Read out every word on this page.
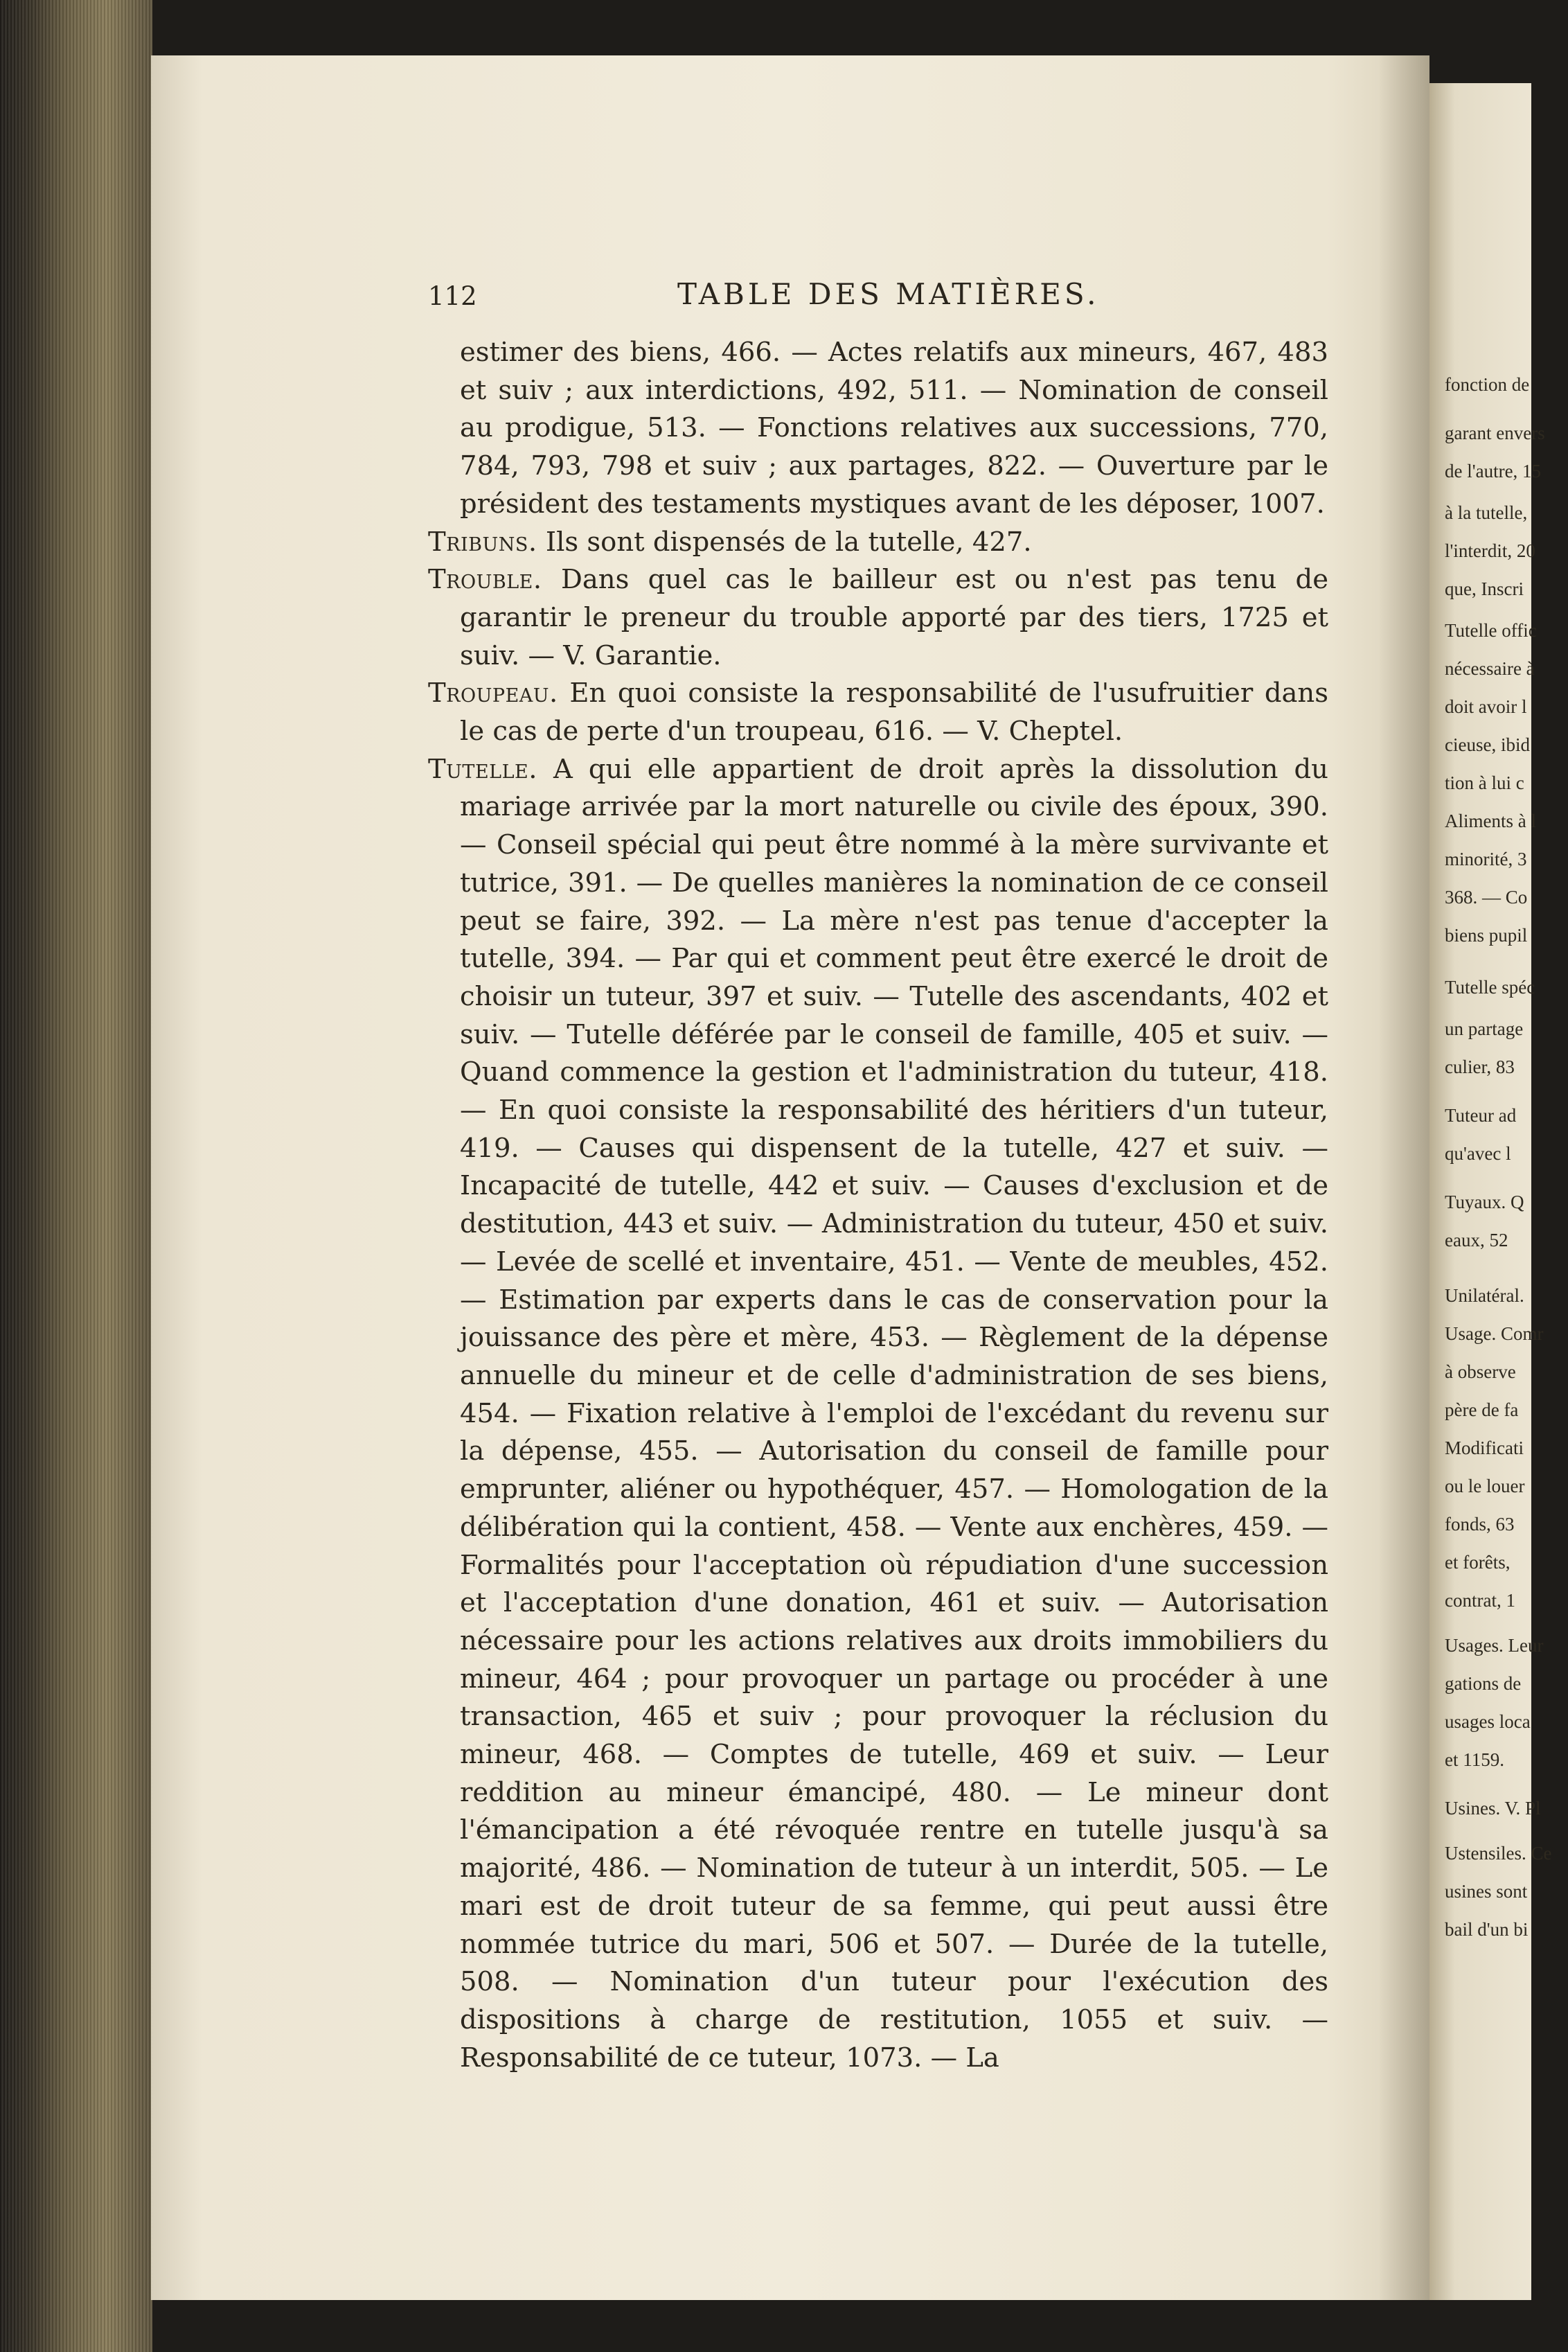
112	TABLE DES MATIÈRES.

estimer des biens, 466. — Actes relatifs aux mineurs, 467, 483 et suiv ; aux interdictions, 492, 511. — Nomination de conseil au prodigue, 513. — Fonctions relatives aux successions, 770, 784, 793, 798 et suiv ; aux partages, 822. — Ouverture par le président des testaments mystiques avant de les déposer, 1007.

Tribuns. Ils sont dispensés de la tutelle, 427.

Trouble. Dans quel cas le bailleur est ou n'est pas tenu de garantir le preneur du trouble apporté par des tiers, 1725 et suiv. — V. Garantie.

Troupeau. En quoi consiste la responsabilité de l'usufruitier dans le cas de perte d'un troupeau, 616. — V. Cheptel.

Tutelle. A qui elle appartient de droit après la dissolution du mariage arrivée par la mort naturelle ou civile des époux, 390. — Conseil spécial qui peut être nommé à la mère survivante et tutrice, 391. — De quelles manières la nomination de ce conseil peut se faire, 392. — La mère n'est pas tenue d'accepter la tutelle, 394. — Par qui et comment peut être exercé le droit de choisir un tuteur, 397 et suiv. — Tutelle des ascendants, 402 et suiv. — Tutelle déférée par le conseil de famille, 405 et suiv. — Quand commence la gestion et l'administration du tuteur, 418. — En quoi consiste la responsabilité des héritiers d'un tuteur, 419. — Causes qui dispensent de la tutelle, 427 et suiv. — Incapacité de tutelle, 442 et suiv. — Causes d'exclusion et de destitution, 443 et suiv. — Administration du tuteur, 450 et suiv. — Levée de scellé et inventaire, 451. — Vente de meubles, 452. — Estimation par experts dans le cas de conservation pour la jouissance des père et mère, 453. — Règlement de la dépense annuelle du mineur et de celle d'administration de ses biens, 454. — Fixation relative à l'emploi de l'excédant du revenu sur la dépense, 455. — Autorisation du conseil de famille pour emprunter, aliéner ou hypothéquer, 457. — Homologation de la délibération qui la contient, 458. — Vente aux enchères, 459. — Formalités pour l'acceptation où répudiation d'une succession et l'acceptation d'une donation, 461 et suiv. — Autorisation nécessaire pour les actions relatives aux droits immobiliers du mineur, 464 ; pour provoquer un partage ou procéder à une transaction, 465 et suiv ; pour provoquer la réclusion du mineur, 468. — Comptes de tutelle, 469 et suiv. — Leur reddition au mineur émancipé, 480. — Le mineur dont l'émancipation a été révoquée rentre en tutelle jusqu'à sa majorité, 486. — Nomination de tuteur à un interdit, 505. — Le mari est de droit tuteur de sa femme, qui peut aussi être nommée tutrice du mari, 506 et 507. — Durée de la tutelle, 508. — Nomination d'un tuteur pour l'exécution des dispositions à charge de restitution, 1055 et suiv. — Responsabilité de ce tuteur, 1073. — La

fonction de
garant envers
de l'autre, 15
à la tutelle,
l'interdit, 20
que, Inscri
Tutelle offic
nécessaire à
doit avoir l
cieuse, ibid
tion à lui c
Aliments à l
minorité, 3
368. — Co
biens pupil
Tutelle spéc
un partage
culier, 83
Tuteur ad
qu'avec l
Tuyaux. Q
eaux, 52
Unilatéral.
Usage. Comr
à observe
père de fa
Modificati
ou le louer
fonds, 63
et forêts,
contrat, 1
Usages. Leur
gations de
usages loca
et 1159.
Usines. V. Pl
Ustensiles. Ce
usines sont
bail d'un bi
